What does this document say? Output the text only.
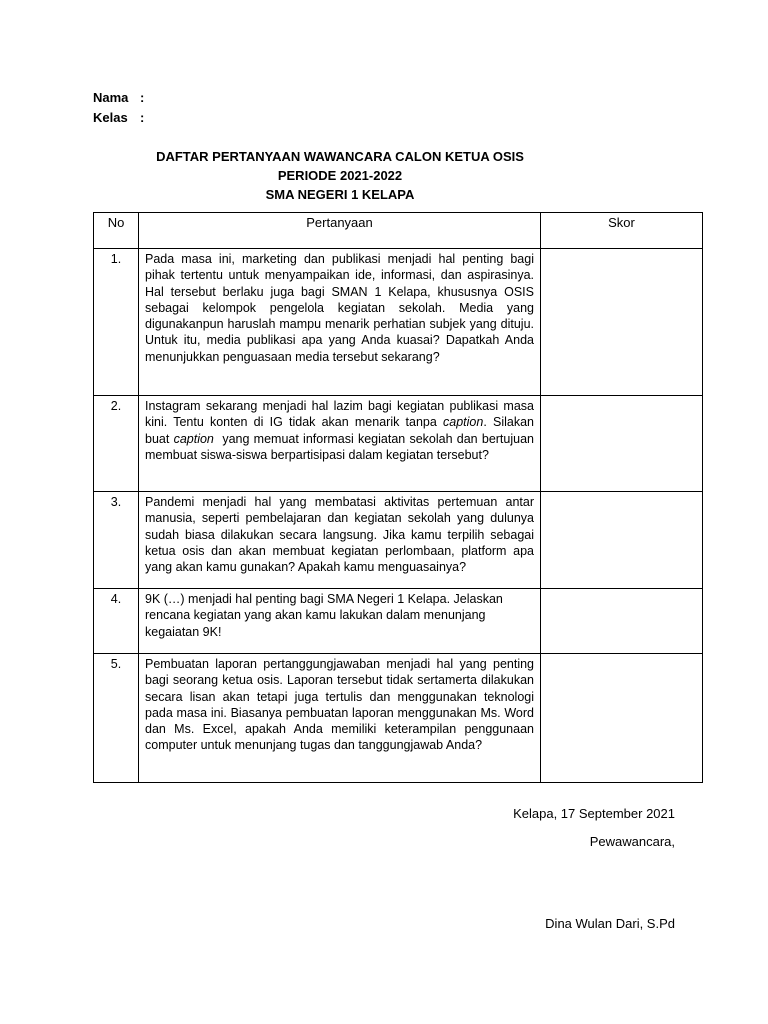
Nama :
Kelas :
DAFTAR PERTANYAAN WAWANCARA CALON KETUA OSIS
PERIODE 2021-2022
SMA NEGERI 1 KELAPA
No	Pertanyaan	Skor
1.	Pada masa ini, marketing dan publikasi menjadi hal penting bagi pihak tertentu untuk menyampaikan ide, informasi, dan aspirasinya. Hal tersebut berlaku juga bagi SMAN 1 Kelapa, khususnya OSIS sebagai kelompok pengelola kegiatan sekolah. Media yang digunakanpun haruslah mampu menarik perhatian subjek yang dituju. Untuk itu, media publikasi apa yang Anda kuasai? Dapatkah Anda menunjukkan penguasaan media tersebut sekarang?	
2.	Instagram sekarang menjadi hal lazim bagi kegiatan publikasi masa kini. Tentu konten di IG tidak akan menarik tanpa caption. Silakan buat caption  yang memuat informasi kegiatan sekolah dan bertujuan membuat siswa-siswa berpartisipasi dalam kegiatan tersebut?	
3.	Pandemi menjadi hal yang membatasi aktivitas pertemuan antar manusia, seperti pembelajaran dan kegiatan sekolah yang dulunya sudah biasa dilakukan secara langsung. Jika kamu terpilih sebagai ketua osis dan akan membuat kegiatan perlombaan, platform apa yang akan kamu gunakan? Apakah kamu menguasainya?	
4.	9K (…) menjadi hal penting bagi SMA Negeri 1 Kelapa. Jelaskan rencana kegiatan yang akan kamu lakukan dalam menunjang kegaiatan 9K!	
5.	Pembuatan laporan pertanggungjawaban menjadi hal yang penting bagi seorang ketua osis. Laporan tersebut tidak sertamerta dilakukan secara lisan akan tetapi juga tertulis dan menggunakan teknologi pada masa ini. Biasanya pembuatan laporan menggunakan Ms. Word dan Ms. Excel, apakah Anda memiliki keterampilan penggunaan computer untuk menunjang tugas dan tanggungjawab Anda?	
Kelapa, 17 September 2021
Pewawancara,
Dina Wulan Dari, S.Pd
